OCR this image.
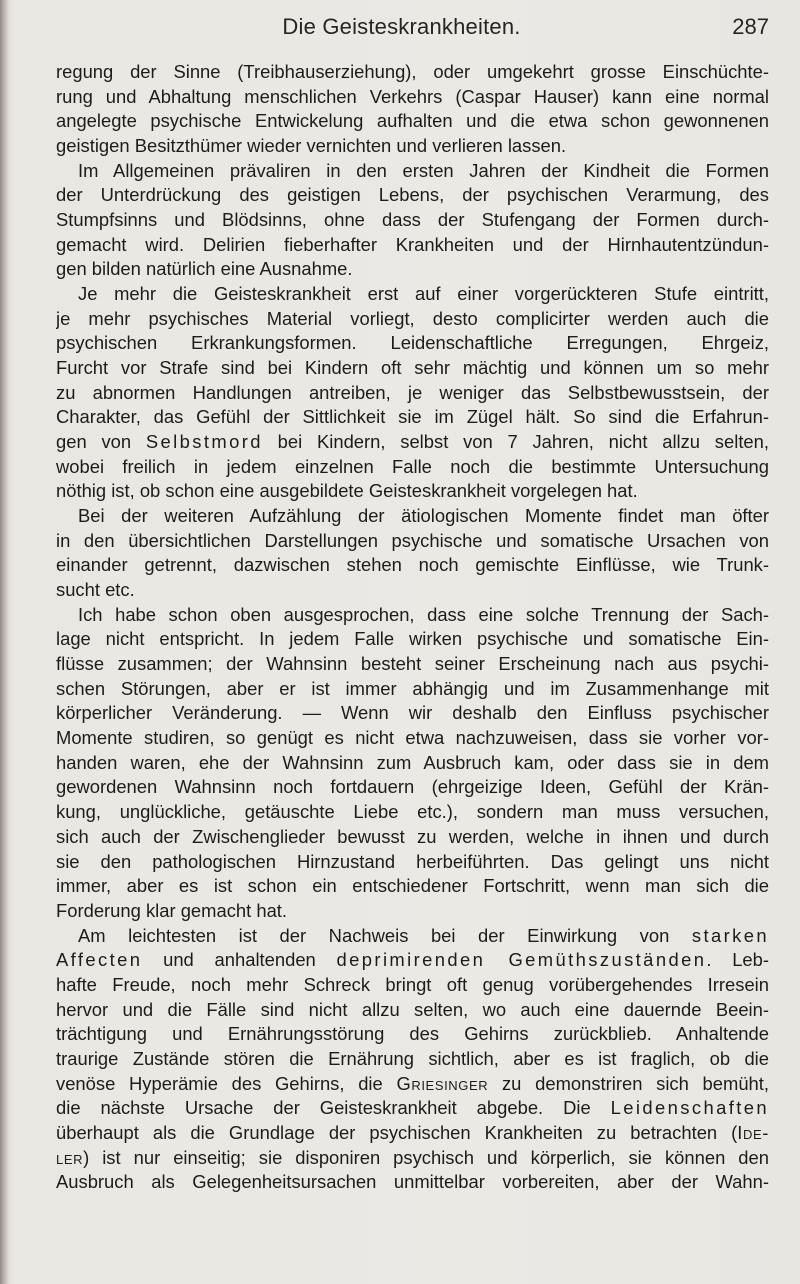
Die Geisteskrankheiten.	287
regung der Sinne (Treibhauserziehung), oder umgekehrt grosse Einschüchte-
rung und Abhaltung menschlichen Verkehrs (Caspar Hauser) kann eine normal
angelegte psychische Entwickelung aufhalten und die etwa schon gewonnenen
geistigen Besitzthümer wieder vernichten und verlieren lassen.
Im Allgemeinen prävaliren in den ersten Jahren der Kindheit die Formen
der Unterdrückung des geistigen Lebens, der psychischen Verarmung, des
Stumpfsinns und Blödsinns, ohne dass der Stufengang der Formen durch-
gemacht wird. Delirien fieberhafter Krankheiten und der Hirnhautentzündun-
gen bilden natürlich eine Ausnahme.
Je mehr die Geisteskrankheit erst auf einer vorgerückteren Stufe eintritt,
je mehr psychisches Material vorliegt, desto complicirter werden auch die
psychischen Erkrankungsformen. Leidenschaftliche Erregungen, Ehrgeiz,
Furcht vor Strafe sind bei Kindern oft sehr mächtig und können um so mehr
zu abnormen Handlungen antreiben, je weniger das Selbstbewusstsein, der
Charakter, das Gefühl der Sittlichkeit sie im Zügel hält. So sind die Erfahrun-
gen von Selbstmord bei Kindern, selbst von 7 Jahren, nicht allzu selten,
wobei freilich in jedem einzelnen Falle noch die bestimmte Untersuchung
nöthig ist, ob schon eine ausgebildete Geisteskrankheit vorgelegen hat.
Bei der weiteren Aufzählung der ätiologischen Momente findet man öfter
in den übersichtlichen Darstellungen psychische und somatische Ursachen von
einander getrennt, dazwischen stehen noch gemischte Einflüsse, wie Trunk-
sucht etc.
Ich habe schon oben ausgesprochen, dass eine solche Trennung der Sach-
lage nicht entspricht. In jedem Falle wirken psychische und somatische Ein-
flüsse zusammen; der Wahnsinn besteht seiner Erscheinung nach aus psychi-
schen Störungen, aber er ist immer abhängig und im Zusammenhange mit
körperlicher Veränderung. — Wenn wir deshalb den Einfluss psychischer
Momente studiren, so genügt es nicht etwa nachzuweisen, dass sie vorher vor-
handen waren, ehe der Wahnsinn zum Ausbruch kam, oder dass sie in dem
gewordenen Wahnsinn noch fortdauern (ehrgeizige Ideen, Gefühl der Krän-
kung, unglückliche, getäuschte Liebe etc.), sondern man muss versuchen,
sich auch der Zwischenglieder bewusst zu werden, welche in ihnen und durch
sie den pathologischen Hirnzustand herbeiführten. Das gelingt uns nicht
immer, aber es ist schon ein entschiedener Fortschritt, wenn man sich die
Forderung klar gemacht hat.
Am leichtesten ist der Nachweis bei der Einwirkung von starken
Affecten und anhaltenden deprimirenden Gemüthszuständen. Leb-
hafte Freude, noch mehr Schreck bringt oft genug vorübergehendes Irresein
hervor und die Fälle sind nicht allzu selten, wo auch eine dauernde Beein-
trächtigung und Ernährungsstörung des Gehirns zurückblieb. Anhaltende
traurige Zustände stören die Ernährung sichtlich, aber es ist fraglich, ob die
venöse Hyperämie des Gehirns, die Griesinger zu demonstriren sich bemüht,
die nächste Ursache der Geisteskrankheit abgebe. Die Leidenschaften
überhaupt als die Grundlage der psychischen Krankheiten zu betrachten (Ide-
ler) ist nur einseitig; sie disponiren psychisch und körperlich, sie können den
Ausbruch als Gelegenheitsursachen unmittelbar vorbereiten, aber der Wahn-
